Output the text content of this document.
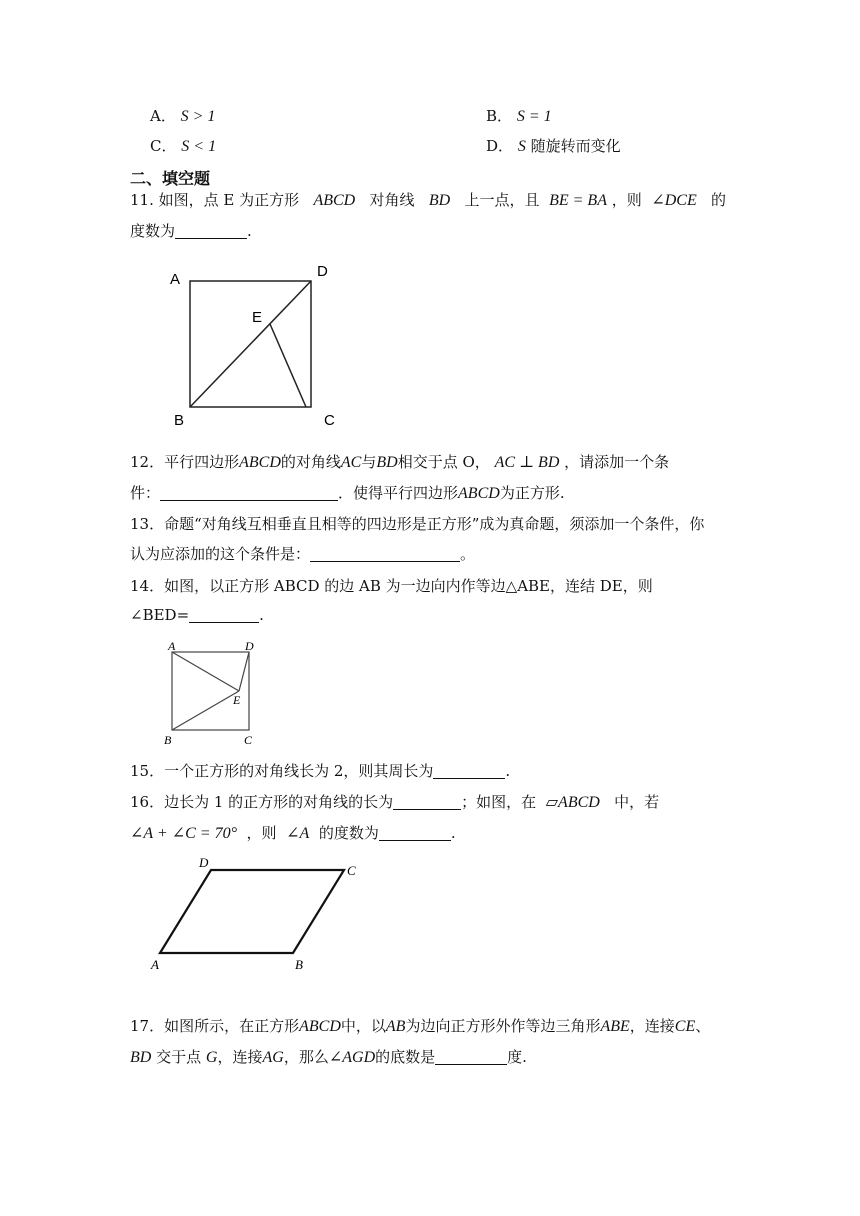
A． S > 1	B． S = 1
C． S < 1	D． S 随旋转而变化
二、填空题
11. 如图，点 E 为正方形 ABCD 对角线 BD 上一点，且 BE = BA ，则 ∠DCE 的
度数为	.
A	D
E
B	C
12．平行四边形ABCD的对角线AC与BD相交于点 O， AC ⊥ BD ，请添加一个条
件：	．使得平行四边形ABCD为正方形.
13．命题“对角线互相垂直且相等的四边形是正方形”成为真命题，须添加一个条件，你
认为应添加的这个条件是：	。
14．如图，以正方形 ABCD 的边 AB 为一边向内作等边△ABE，连结 DE，则
∠BED=	.
A	D
E
B	C
15．一个正方形的对角线长为 2，则其周长为	.
16．边长为 1 的正方形的对角线的长为	；如图，在 ▱ABCD 中，若
∠A + ∠C = 70° ，则 ∠A 的度数为	.
D
C
A	B
17．如图所示，在正方形ABCD中，以AB为边向正方形外作等边三角形ABE，连接CE、
BD 交于点 G，连接AG，那么∠AGD的底数是	度.
